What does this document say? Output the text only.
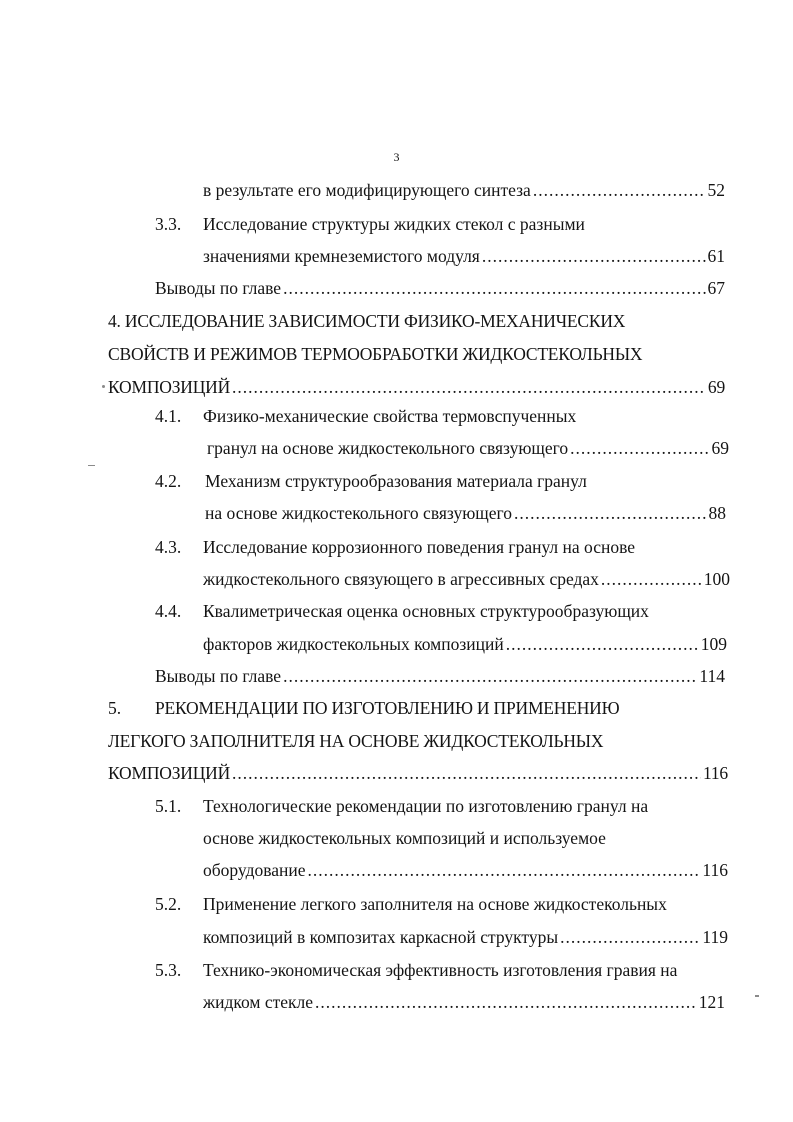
3
в результате его модифицирующего синтеза .....	52
3.3. Исследование структуры жидких стекол с разными
значениями кремнеземистого модуля .....	61
Выводы по главе .....	67
4. ИССЛЕДОВАНИЕ ЗАВИСИМОСТИ ФИЗИКО-МЕХАНИЧЕСКИХ
СВОЙСТВ И РЕЖИМОВ ТЕРМООБРАБОТКИ ЖИДКОСТЕКОЛЬНЫХ
КОМПОЗИЦИЙ .....	69
4.1. Физико-механические свойства термовспученных
гранул на основе жидкостекольного связующего .....	69
4.2. Механизм структурообразования материала гранул
на основе жидкостекольного связующего .....	88
4.3. Исследование коррозионного поведения гранул на основе
жидкостекольного связующего в агрессивных средах .....	100
4.4. Квалиметрическая оценка основных структурообразующих
факторов жидкостекольных композиций .....	109
Выводы по главе .....	114
5. РЕКОМЕНДАЦИИ ПО ИЗГОТОВЛЕНИЮ И ПРИМЕНЕНИЮ
ЛЕГКОГО ЗАПОЛНИТЕЛЯ НА ОСНОВЕ ЖИДКОСТЕКОЛЬНЫХ
КОМПОЗИЦИЙ .....	116
5.1. Технологические рекомендации по изготовлению гранул на
основе жидкостекольных композиций и используемое
оборудование .....	116
5.2. Применение легкого заполнителя на основе жидкостекольных
композиций в композитах каркасной структуры .....	119
5.3. Технико-экономическая эффективность изготовления гравия на
жидком стекле .....	121
